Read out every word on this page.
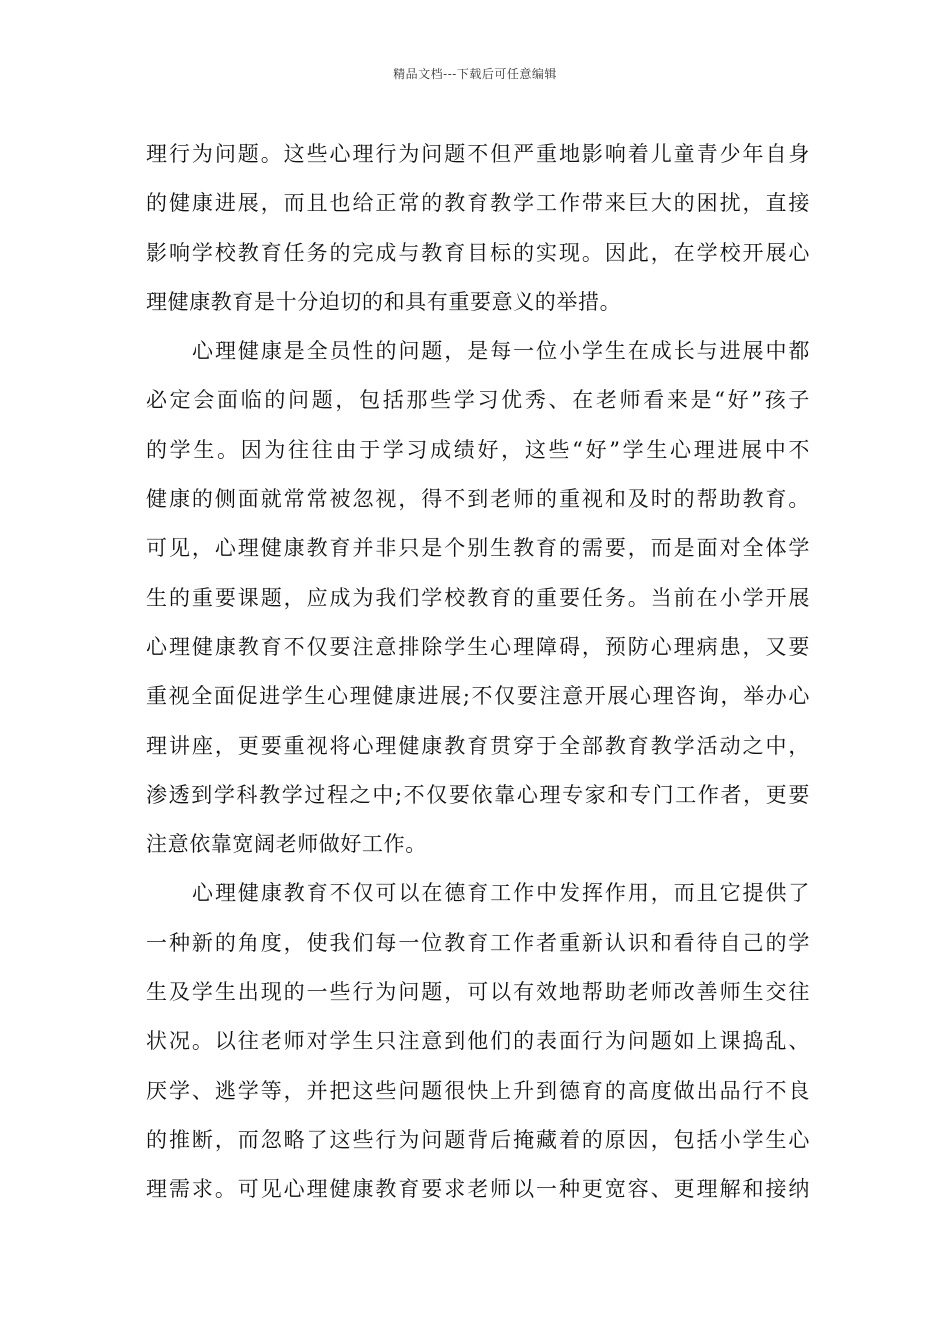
精品文档---下载后可任意编辑
理行为问题。这些心理行为问题不但严重地影响着儿童青少年自身
的健康进展，而且也给正常的教育教学工作带来巨大的困扰，直接
影响学校教育任务的完成与教育目标的实现。因此，在学校开展心
理健康教育是十分迫切的和具有重要意义的举措。
心理健康是全员性的问题，是每一位小学生在成长与进展中都
必定会面临的问题，包括那些学习优秀、在老师看来是“好”孩子
的学生。因为往往由于学习成绩好，这些“好”学生心理进展中不
健康的侧面就常常被忽视，得不到老师的重视和及时的帮助教育。
可见，心理健康教育并非只是个别生教育的需要，而是面对全体学
生的重要课题，应成为我们学校教育的重要任务。当前在小学开展
心理健康教育不仅要注意排除学生心理障碍，预防心理病患，又要
重视全面促进学生心理健康进展;不仅要注意开展心理咨询，举办心
理讲座，更要重视将心理健康教育贯穿于全部教育教学活动之中，
渗透到学科教学过程之中;不仅要依靠心理专家和专门工作者，更要
注意依靠宽阔老师做好工作。
心理健康教育不仅可以在德育工作中发挥作用，而且它提供了
一种新的角度，使我们每一位教育工作者重新认识和看待自己的学
生及学生出现的一些行为问题，可以有效地帮助老师改善师生交往
状况。以往老师对学生只注意到他们的表面行为问题如上课捣乱、
厌学、逃学等，并把这些问题很快上升到德育的高度做出品行不良
的推断，而忽略了这些行为问题背后掩藏着的原因，包括小学生心
理需求。可见心理健康教育要求老师以一种更宽容、更理解和接纳
